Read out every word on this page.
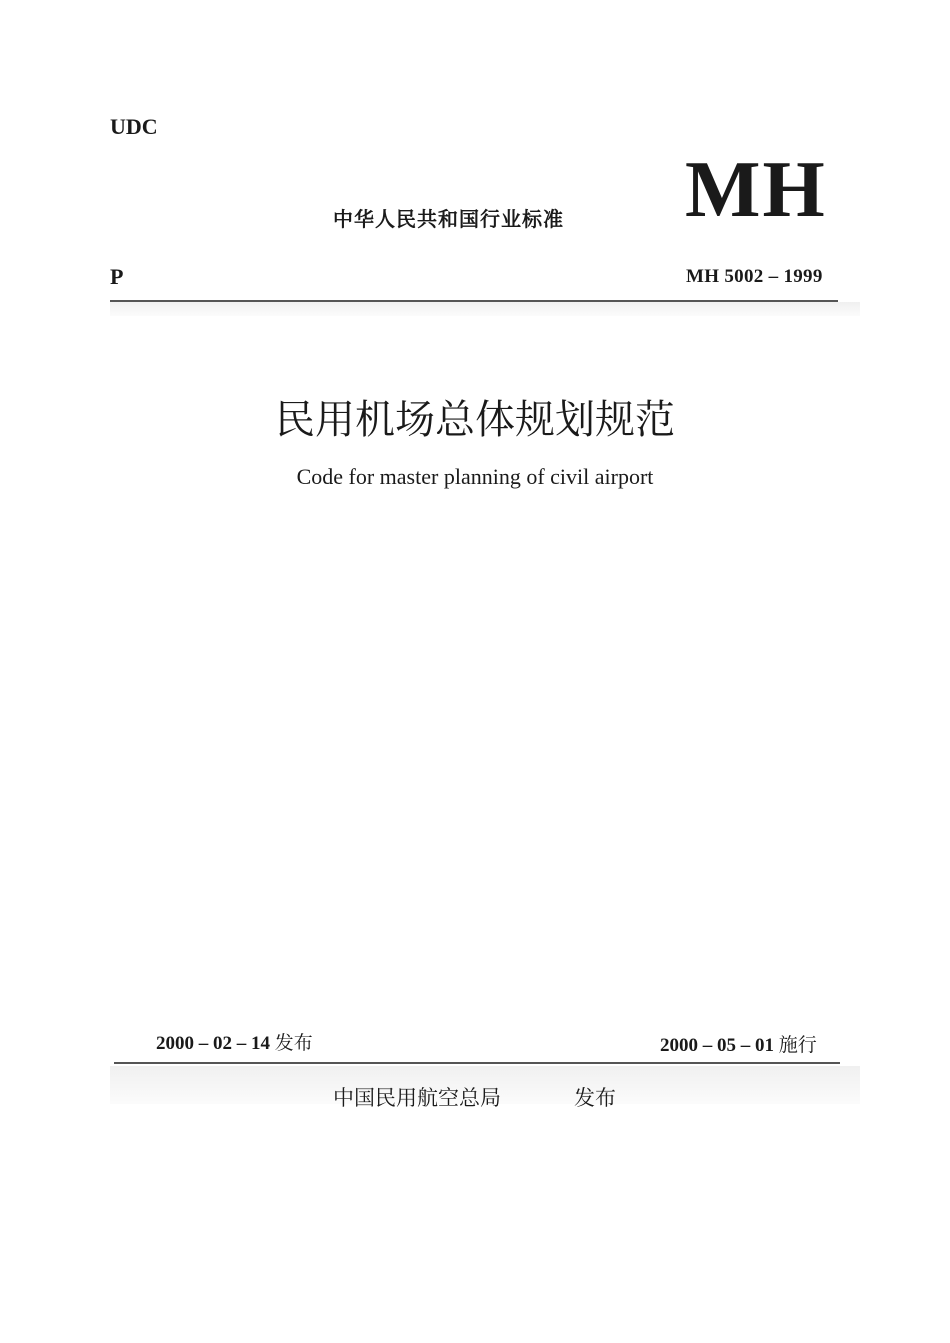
UDC
中华人民共和国行业标准 MH
P	MH 5002 – 1999
民用机场总体规划规范
Code for master planning of civil airport
2000 – 02 – 14 发布	2000 – 05 – 01 施行
中国民用航空总局	发布
